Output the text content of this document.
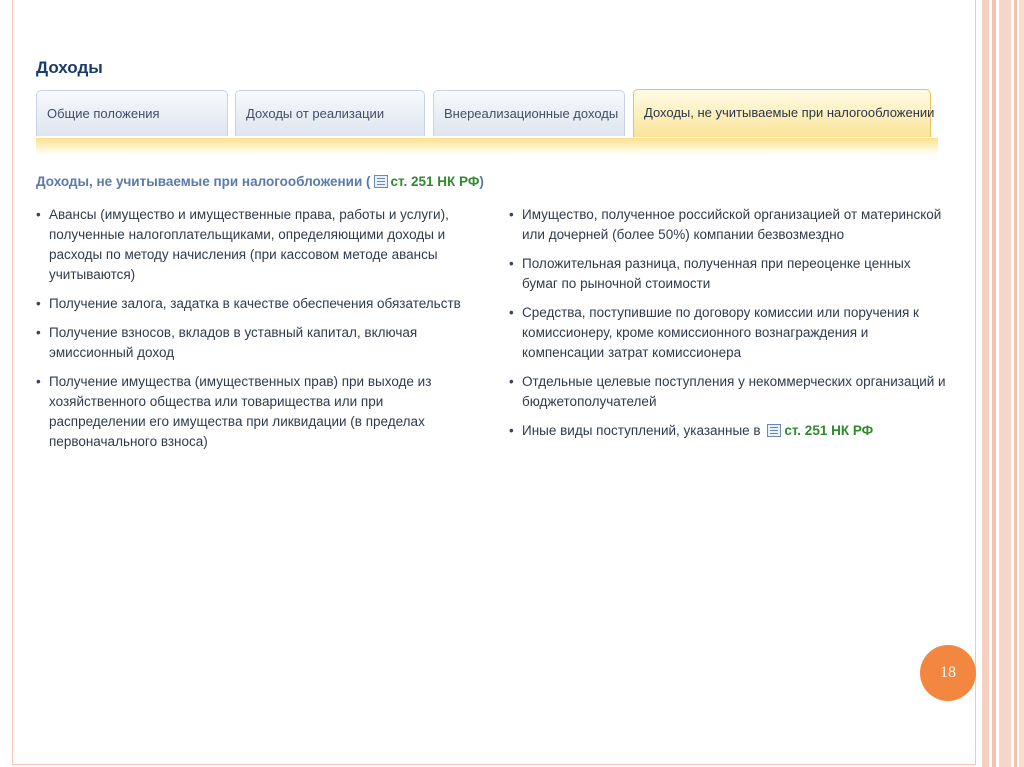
Доходы
Общие положения	Доходы от реализации	Внереализационные доходы	Доходы, не учитываемые при налогообложении
Доходы, не учитываемые при налогообложении ( ст. 251 НК РФ)
• Авансы (имущество и имущественные права, работы и услуги), полученные налогоплательщиками, определяющими доходы и расходы по методу начисления (при кассовом методе авансы учитываются)
• Получение залога, задатка в качестве обеспечения обязательств
• Получение взносов, вкладов в уставный капитал, включая эмиссионный доход
• Получение имущества (имущественных прав) при выходе из хозяйственного общества или товарищества или при распределении его имущества при ликвидации (в пределах первоначального взноса)
• Имущество, полученное российской организацией от материнской или дочерней (более 50%) компании безвозмездно
• Положительная разница, полученная при переоценке ценных бумаг по рыночной стоимости
• Средства, поступившие по договору комиссии или поручения к комиссионеру, кроме комиссионного вознаграждения и компенсации затрат комиссионера
• Отдельные целевые поступления у некоммерческих организаций и бюджетополучателей
• Иные виды поступлений, указанные в ст. 251 НК РФ
18
